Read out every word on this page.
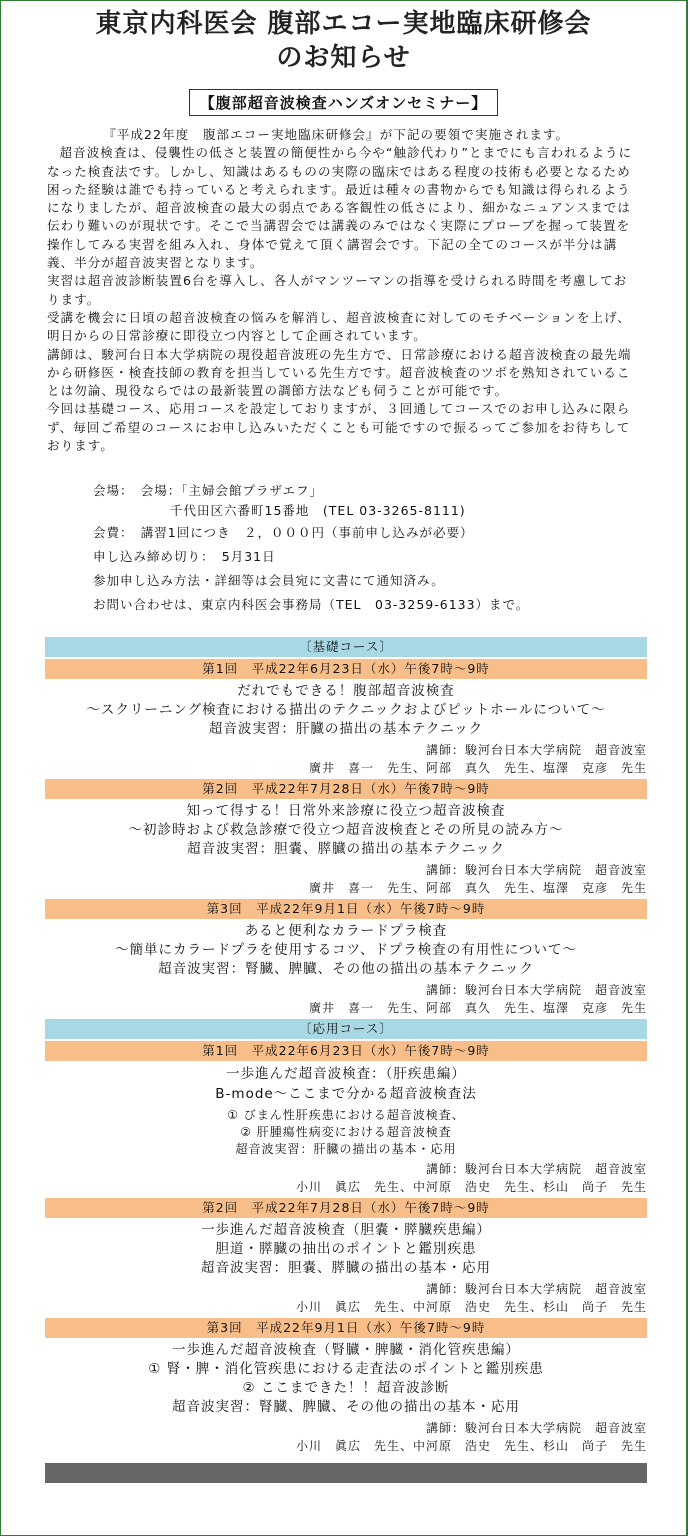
東京内科医会 腹部エコー実地臨床研修会
のお知らせ
【腹部超音波検査ハンズオンセミナー】

『平成22年度　腹部エコー実地臨床研修会』が下記の要領で実施されます。

超音波検査は、侵襲性の低さと装置の簡便性から今や“触診代わり”とまでにも言われるようになった検査法です。しかし、知識はあるものの実際の臨床ではある程度の技術も必要となるため困った経験は誰でも持っていると考えられます。最近は種々の書物からでも知識は得られるようになりましたが、超音波検査の最大の弱点である客観性の低さにより、細かなニュアンスまでは伝わり難いのが現状です。そこで当講習会では講義のみではなく実際にプローブを握って装置を操作してみる実習を組み入れ、身体で覚えて頂く講習会です。下記の全てのコースが半分は講義、半分が超音波実習となります。

実習は超音波診断装置6台を導入し、各人がマンツーマンの指導を受けられる時間を考慮しております。

受講を機会に日頃の超音波検査の悩みを解消し、超音波検査に対してのモチベーションを上げ、明日からの日常診療に即役立つ内容として企画されています。

講師は、駿河台日本大学病院の現役超音波班の先生方で、日常診療における超音波検査の最先端から研修医・検査技師の教育を担当している先生方です。超音波検査のツボを熟知されていることは勿論、現役ならではの最新装置の調節方法なども伺うことが可能です。

今回は基礎コース、応用コースを設定しておりますが、３回通してコースでのお申し込みに限らず、毎回ご希望のコースにお申し込みいただくことも可能ですので振るってご参加をお待ちしております。

会場：　会場：「主婦会館プラザエフ」
千代田区六番町15番地　(TEL 03-3265-8111)
会費：　講習1回につき　２，０００円（事前申し込みが必要）
申し込み締め切り：　5月31日
参加申し込み方法・詳細等は会員宛に文書にて通知済み。
お問い合わせは、東京内科医会事務局（TEL　03-3259-6133）まで。
〔基礎コース〕
第1回　平成22年6月23日（水）午後7時～9時
だれでもできる！腹部超音波検査
～スクリーニング検査における描出のテクニックおよびピットホールについて～
超音波実習：肝臓の描出の基本テクニック
講師：駿河台日本大学病院　超音波室
廣井　喜一　先生、阿部　真久　先生、塩澤　克彦　先生
第2回　平成22年7月28日（水）午後7時～9時
知って得する！日常外来診療に役立つ超音波検査
～初診時および救急診療で役立つ超音波検査とその所見の読み方～
超音波実習：胆嚢、膵臓の描出の基本テクニック
講師：駿河台日本大学病院　超音波室
廣井　喜一　先生、阿部　真久　先生、塩澤　克彦　先生
第3回　平成22年9月1日（水）午後7時～9時
あると便利なカラードプラ検査
～簡単にカラードプラを使用するコツ、ドプラ検査の有用性について～
超音波実習：腎臓、脾臓、その他の描出の基本テクニック
講師：駿河台日本大学病院　超音波室
廣井　喜一　先生、阿部　真久　先生、塩澤　克彦　先生
〔応用コース〕
第1回　平成22年6月23日（水）午後7時～9時
一歩進んだ超音波検査：（肝疾患編）
B-mode～ここまで分かる超音波検査法
① びまん性肝疾患における超音波検査、
② 肝腫瘍性病変における超音波検査
超音波実習：肝臓の描出の基本・応用
講師：駿河台日本大学病院　超音波室
小川　眞広　先生、中河原　浩史　先生、杉山　尚子　先生
第2回　平成22年7月28日（水）午後7時～9時
一歩進んだ超音波検査（胆嚢・膵臓疾患編）
胆道・膵臓の抽出のポイントと鑑別疾患
超音波実習：胆嚢、膵臓の描出の基本・応用
講師：駿河台日本大学病院　超音波室
小川　眞広　先生、中河原　浩史　先生、杉山　尚子　先生
第3回　平成22年9月1日（水）午後7時～9時
一歩進んだ超音波検査（腎臓・脾臓・消化管疾患編）
① 腎・脾・消化管疾患における走査法のポイントと鑑別疾患
② ここまできた！！超音波診断
超音波実習：腎臓、脾臓、その他の描出の基本・応用
講師：駿河台日本大学病院　超音波室
小川　眞広　先生、中河原　浩史　先生、杉山　尚子　先生
